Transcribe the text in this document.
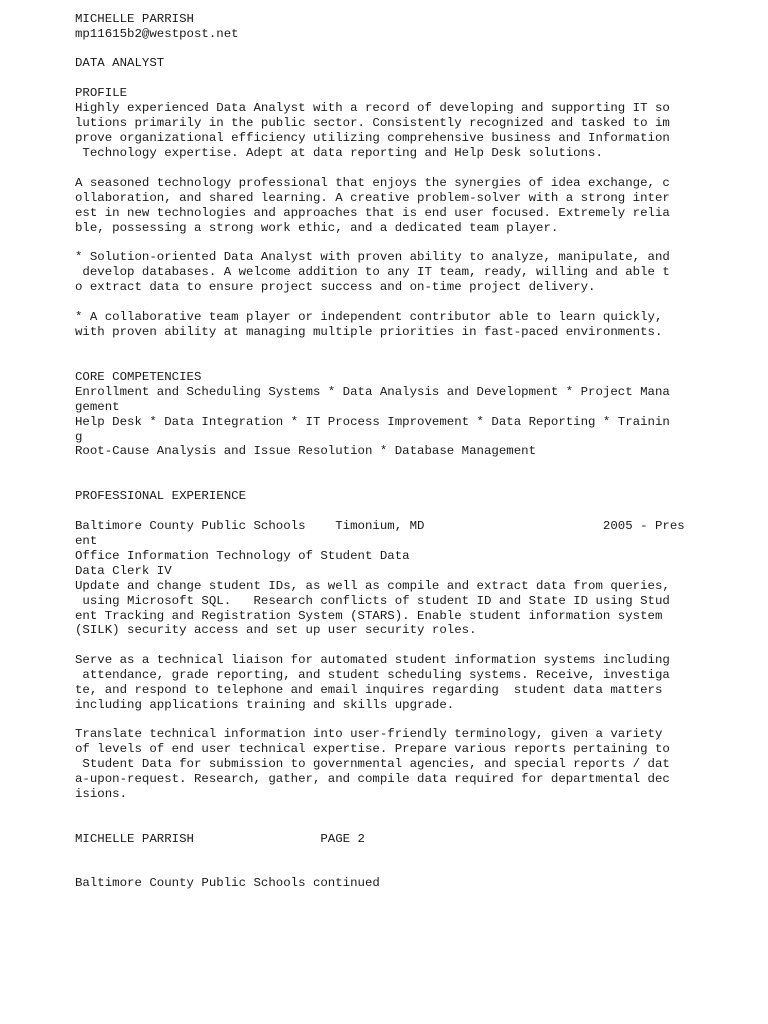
MICHELLE PARRISH

mp11615b2@westpost.net

DATA ANALYST

PROFILE

Highly experienced Data Analyst with a record of developing and supporting IT so

lutions primarily in the public sector. Consistently recognized and tasked to im

prove organizational efficiency utilizing comprehensive business and Information

Technology expertise. Adept at data reporting and Help Desk solutions.

A seasoned technology professional that enjoys the synergies of idea exchange, c

ollaboration, and shared learning. A creative problem-solver with a strong inter

est in new technologies and approaches that is end user focused. Extremely relia

ble, possessing a strong work ethic, and a dedicated team player.

* Solution-oriented Data Analyst with proven ability to analyze, manipulate, and

develop databases. A welcome addition to any IT team, ready, willing and able t

o extract data to ensure project success and on-time project delivery.

* A collaborative team player or independent contributor able to learn quickly,

with proven ability at managing multiple priorities in fast-paced environments.

CORE COMPETENCIES

Enrollment and Scheduling Systems * Data Analysis and Development * Project Mana

gement

Help Desk * Data Integration * IT Process Improvement * Data Reporting * Trainin

g

Root-Cause Analysis and Issue Resolution * Database Management

PROFESSIONAL EXPERIENCE

Baltimore County Public Schools    Timonium, MD                        2005 - Pres

ent

Office Information Technology of Student Data

Data Clerk IV

Update and change student IDs, as well as compile and extract data from queries,

using Microsoft SQL.   Research conflicts of student ID and State ID using Stud

ent Tracking and Registration System (STARS). Enable student information system

(SILK) security access and set up user security roles.

Serve as a technical liaison for automated student information systems including

attendance, grade reporting, and student scheduling systems. Receive, investiga

te, and respond to telephone and email inquires regarding  student data matters

including applications training and skills upgrade.

Translate technical information into user-friendly terminology, given a variety

of levels of end user technical expertise. Prepare various reports pertaining to

Student Data for submission to governmental agencies, and special reports / dat

a-upon-request. Research, gather, and compile data required for departmental dec

isions.

MICHELLE PARRISH                 PAGE 2

Baltimore County Public Schools continued
